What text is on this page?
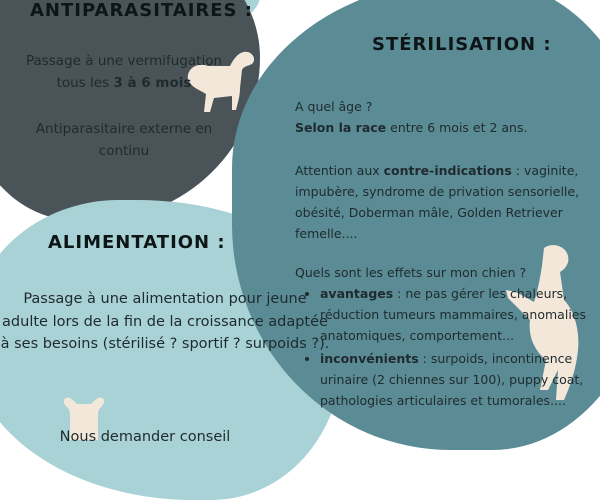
ANTIPARASITAIRES :

Passage à une vermifugation tous les 3 à 6 mois

Antiparasitaire externe en continu

STÉRILISATION :

A quel âge ?
Selon la race entre 6 mois et 2 ans.

Attention aux contre-indications : vaginite, impubère, syndrome de privation sensorielle, obésité, Doberman mâle, Golden Retriever femelle....

Quels sont les effets sur mon chien ?

• avantages : ne pas gérer les chaleurs, réduction tumeurs mammaires, anomalies anatomiques, comportement...
• inconvénients : surpoids, incontinence urinaire (2 chiennes sur 100), puppy coat, pathologies articulaires et tumorales....
ALIMENTATION :

Passage à une alimentation pour jeune adulte lors de la fin de la croissance adaptée à ses besoins (stérilisé ? sportif ? surpoids ?).

Nous demander conseil
